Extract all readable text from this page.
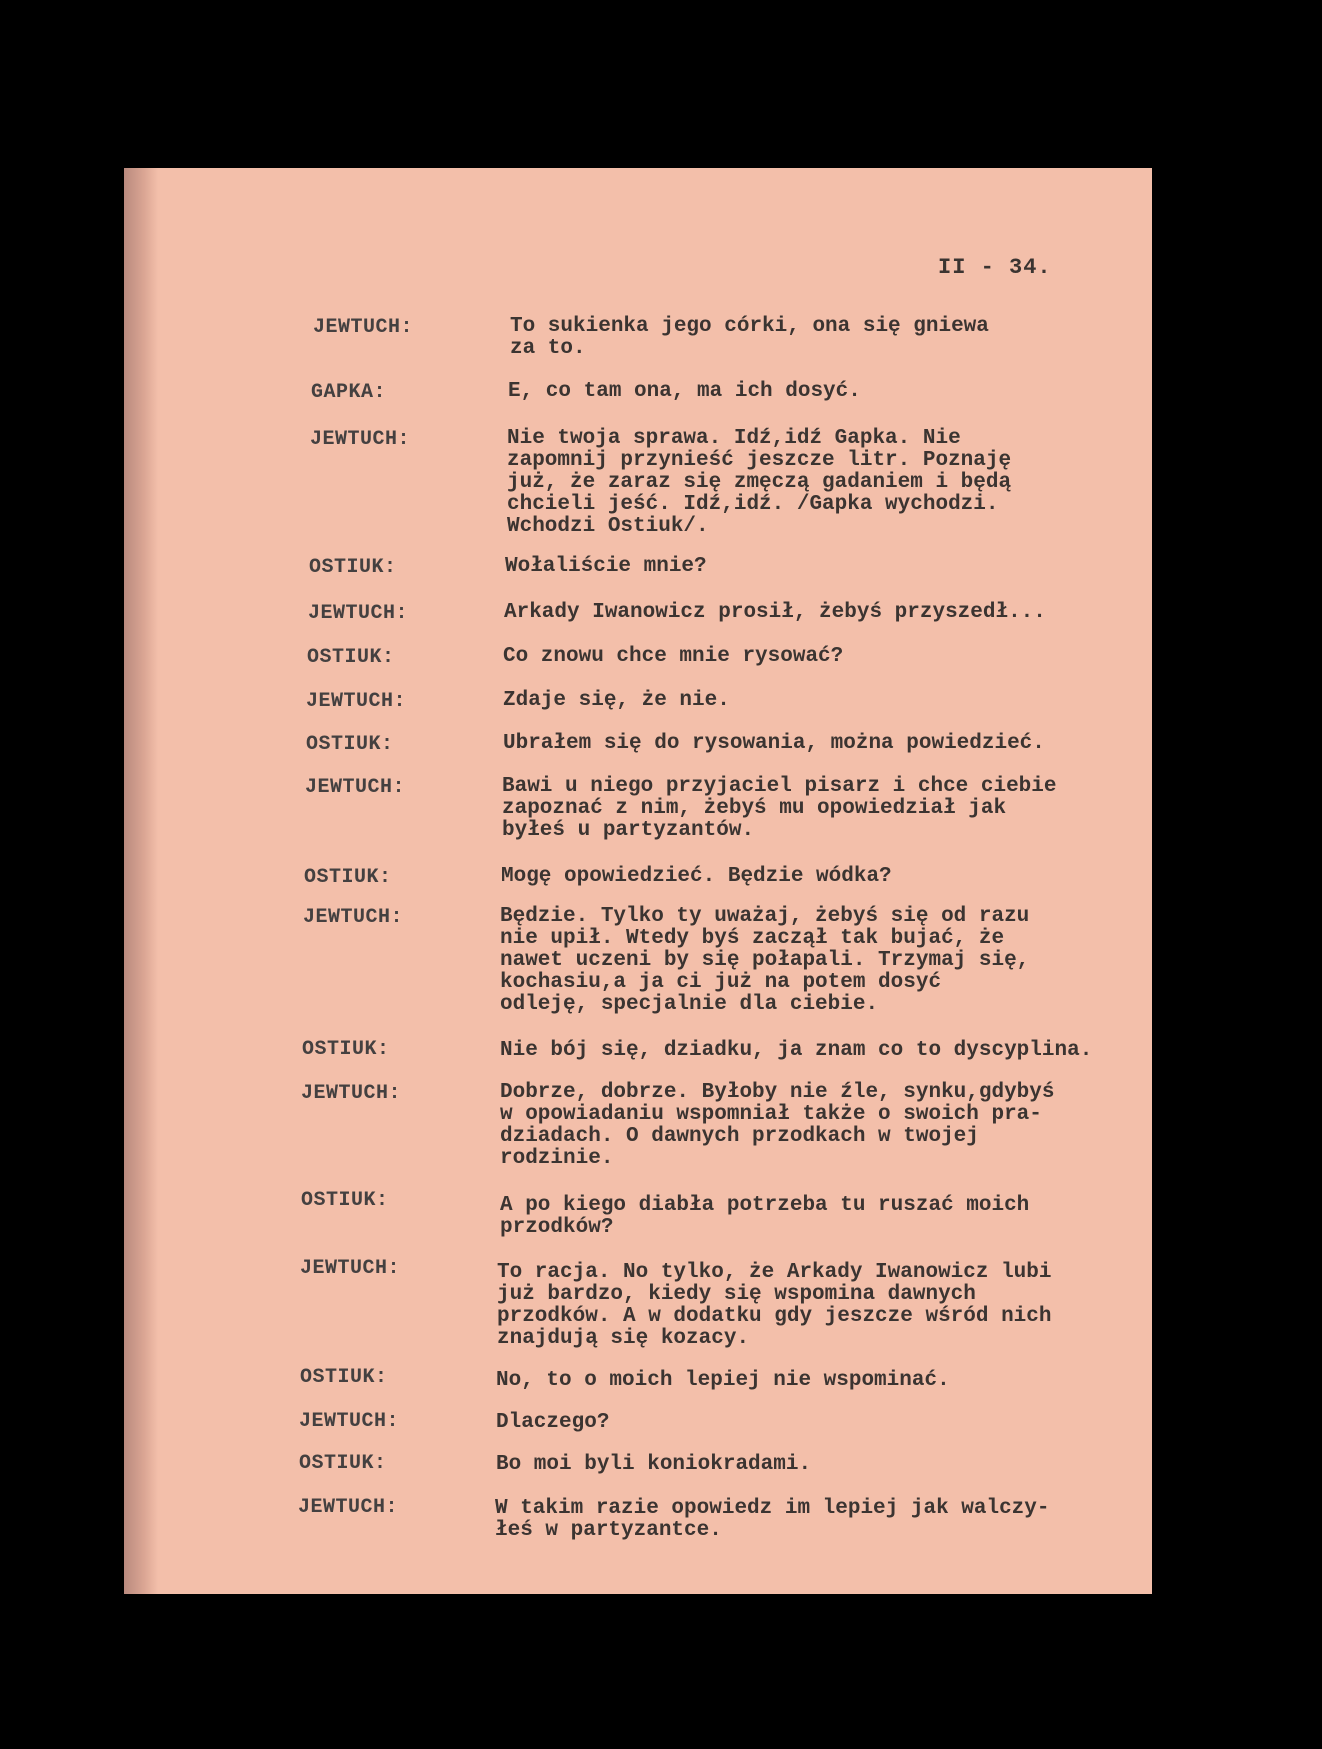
II - 34.
JEWTUCH:	To sukienka jego córki, ona się gniewa
za to.
GAPKA:	E, co tam ona, ma ich dosyć.
JEWTUCH:	Nie twoja sprawa. Idź,idź Gapka. Nie
zapomnij przynieść jeszcze litr. Poznaję
już, że zaraz się zmęczą gadaniem i będą
chcieli jeść. Idź,idź. /Gapka wychodzi.
Wchodzi Ostiuk/.
OSTIUK:	Wołaliście mnie?
JEWTUCH:	Arkady Iwanowicz prosił, żebyś przyszedł...
OSTIUK:	Co znowu chce mnie rysować?
JEWTUCH:	Zdaje się, że nie.
OSTIUK:	Ubrałem się do rysowania, można powiedzieć.
JEWTUCH:	Bawi u niego przyjaciel pisarz i chce ciebie
zapoznać z nim, żebyś mu opowiedział jak
byłeś u partyzantów.
OSTIUK:	Mogę opowiedzieć. Będzie wódka?
JEWTUCH:	Będzie. Tylko ty uważaj, żebyś się od razu
nie upił. Wtedy byś zaczął tak bujać, że
nawet uczeni by się połapali. Trzymaj się,
kochasiu,a ja ci już na potem dosyć
odleję, specjalnie dla ciebie.
OSTIUK:	Nie bój się, dziadku, ja znam co to dyscyplina.
JEWTUCH:	Dobrze, dobrze. Byłoby nie źle, synku,gdybyś
w opowiadaniu wspomniał także o swoich pra-
dziadach. O dawnych przodkach w twojej
rodzinie.
OSTIUK:	A po kiego diabła potrzeba tu ruszać moich
przodków?
JEWTUCH:	To racja. No tylko, że Arkady Iwanowicz lubi
już bardzo, kiedy się wspomina dawnych
przodków. A w dodatku gdy jeszcze wśród nich
znajdują się kozacy.
OSTIUK:	No, to o moich lepiej nie wspominać.
JEWTUCH:	Dlaczego?
OSTIUK:	Bo moi byli koniokradami.
JEWTUCH:	W takim razie opowiedz im lepiej jak walczy-
łeś w partyzantce.
